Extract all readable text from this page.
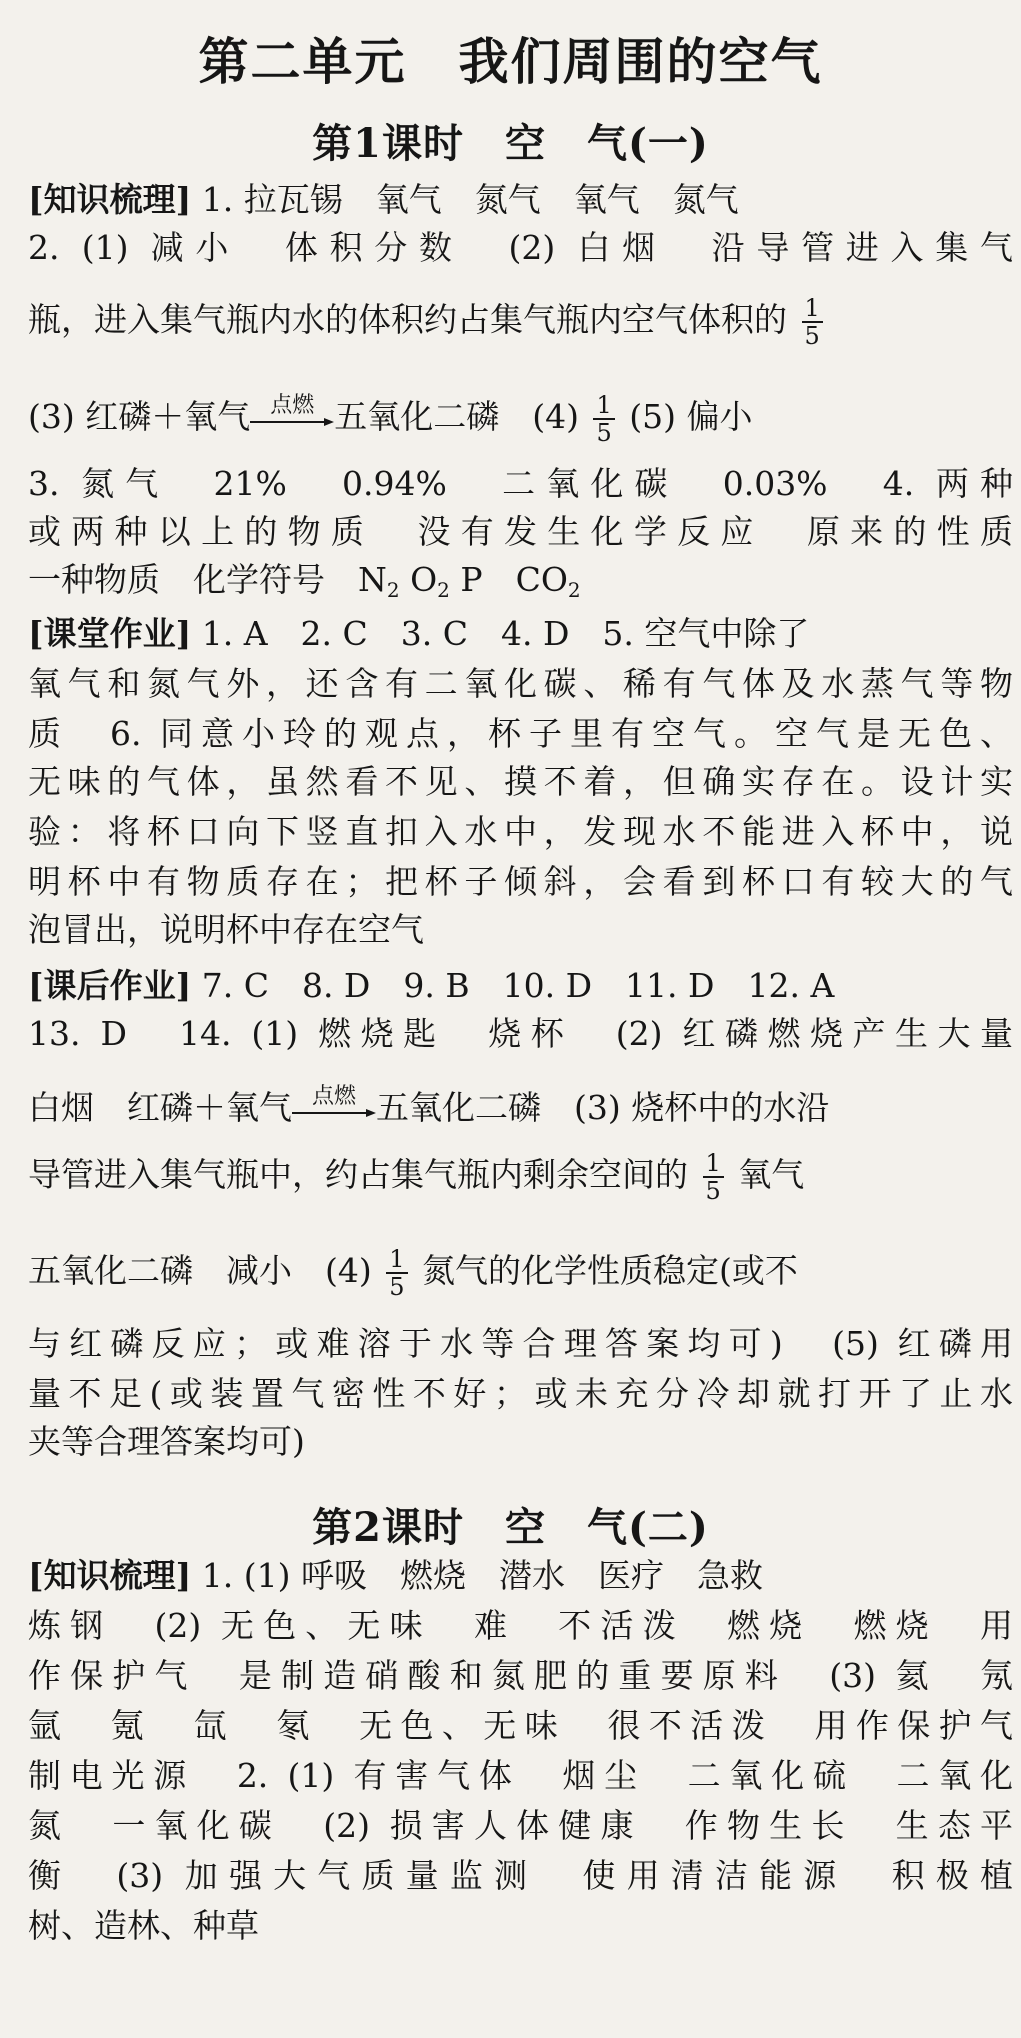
第二单元　我们周围的空气
第1课时　空　气(一)
[知识梳理] 1. 拉瓦锡　氧气　氮气　氧气　氮气
2. (1) 减小　体积分数　(2) 白烟　沿导管进入集气
瓶，进入集气瓶内水的体积约占集气瓶内空气体积的 $\frac{1}{5}$
(3) 红磷＋氧气 点燃 五氧化二磷　$(4) \frac{1}{5} (5)$ 偏小
3. 氮气　21%　0.94%　二氧化碳　0.03%　4. 两种
或两种以上的物质　没有发生化学反应　原来的性质
一种物质　化学符号　$N_2$ $O_2$ P　$CO_2$
[课堂作业] 1. A　2. C　3. C　4. D　5. 空气中除了
氧气和氮气外，还含有二氧化碳、稀有气体及水蒸气等物
质　6. 同意小玲的观点，杯子里有空气。空气是无色、
无味的气体，虽然看不见、摸不着，但确实存在。设计实
验：将杯口向下竖直扣入水中，发现水不能进入杯中，说
明杯中有物质存在；把杯子倾斜，会看到杯口有较大的气
泡冒出，说明杯中存在空气
[课后作业] 7. C　8. D　9. B　10. D　11. D　12. A
13. D　14. (1) 燃烧匙　烧杯　(2) 红磷燃烧产生大量
白烟　红磷＋氧气 点燃 五氧化二磷　(3) 烧杯中的水沿
导管进入集气瓶中，约占集气瓶内剩余空间的 $\frac{1}{5}$ 氧气
五氧化二磷　减小　$(4) \frac{1}{5}$ 氮气的化学性质稳定(或不
与红磷反应；或难溶于水等合理答案均可)　(5) 红磷用
量不足(或装置气密性不好；或未充分冷却就打开了止水
夹等合理答案均可)
第2课时　空　气(二)
[知识梳理] 1. (1) 呼吸　燃烧　潜水　医疗　急救
炼钢　(2) 无色、无味　难　不活泼　燃烧　燃烧　用
作保护气　是制造硝酸和氮肥的重要原料　(3) 氦　氖
氩　氪　氙　氡　无色、无味　很不活泼　用作保护气
制电光源　2. (1) 有害气体　烟尘　二氧化硫　二氧化
氮　一氧化碳　(2) 损害人体健康　作物生长　生态平
衡　(3) 加强大气质量监测　使用清洁能源　积极植
树、造林、种草
